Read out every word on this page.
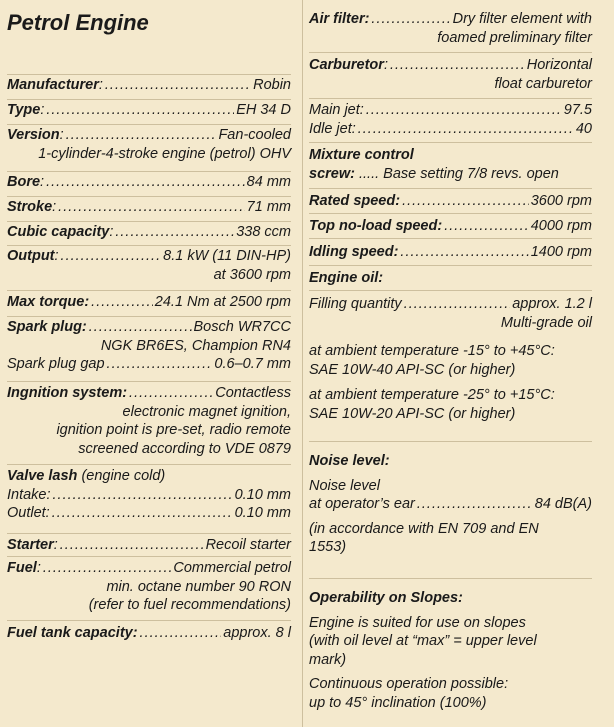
Petrol Engine
Manufacturer: .....	Robin
Type: .....	EH 34 D
Version: .....	Fan-cooled
1-cylinder-4-stroke engine (petrol) OHV
Bore: .....	84 mm
Stroke: .....	71 mm
Cubic capacity: .....	338 ccm
Output: .....	8.1 kW (11 DIN-HP)
at 3600 rpm
Max torque: .....	24.1 Nm at 2500 rpm
Spark plug: .....	Bosch WR7CC
NGK BR6ES, Champion RN4
Spark plug gap .....	0.6–0.7 mm
Ingnition system: .....	Contactless
electronic magnet ignition,
ignition point is pre-set, radio remote
screened according to VDE 0879
Valve lash (engine cold)
Intake: .....	0.10 mm
Outlet: .....	0.10 mm
Starter: .....	Recoil starter
Fuel: .....	Commercial petrol
min. octane number 90 RON
(refer to fuel recommendations)
Fuel tank capacity: .....	approx. 8 l
Air filter: .....	Dry filter element with
foamed preliminary filter
Carburetor: .....	Horizontal
float carburetor
Main jet: .....	97.5
Idle jet: .....	40
Mixture control
screw:
..... Base setting 7/8 revs. open
Rated speed: .....	3600 rpm
Top no-load speed: .....	4000 rpm
Idling speed: .....	1400 rpm
Engine oil:
Filling quantity .....	approx. 1.2 l
Multi-grade oil
at ambient temperature -15° to +45°C:
SAE 10W-40 API-SC (or higher)
at ambient temperature -25° to +15°C:
SAE 10W-20 API-SC (or higher)
Noise level:
Noise level
at operator’s ear .....	84 dB(A)
(in accordance with EN 709 and EN
1553)
Operability on Slopes:
Engine is suited for use on slopes
(with oil level at “max” = upper level
mark)
Continuous operation possible:
up to 45° inclination (100%)
